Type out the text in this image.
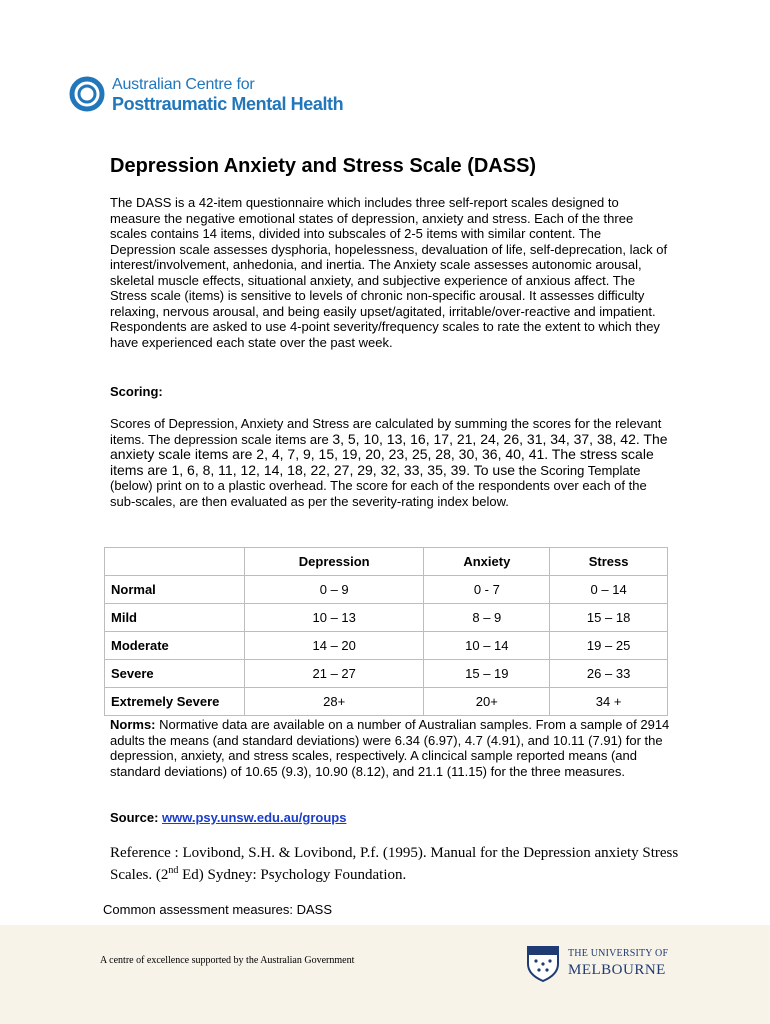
Australian Centre for
Posttraumatic Mental Health
Depression Anxiety and Stress Scale (DASS)
The DASS is a 42-item questionnaire which includes three self-report scales designed to measure the negative emotional states of depression, anxiety and stress. Each of the three scales contains 14 items, divided into subscales of 2-5 items with similar content. The Depression scale assesses dysphoria, hopelessness, devaluation of life, self-deprecation, lack of interest/involvement, anhedonia, and inertia. The Anxiety scale assesses autonomic arousal, skeletal muscle effects, situational anxiety, and subjective experience of anxious affect. The Stress scale (items) is sensitive to levels of chronic non-specific arousal. It assesses difficulty relaxing, nervous arousal, and being easily upset/agitated, irritable/over-reactive and impatient. Respondents are asked to use 4-point severity/frequency scales to rate the extent to which they have experienced each state over the past week.
Scoring:
Scores of Depression, Anxiety and Stress are calculated by summing the scores for the relevant items. The depression scale items are 3, 5, 10, 13, 16, 17, 21, 24, 26, 31, 34, 37, 38, 42. The anxiety scale items are 2, 4, 7, 9, 15, 19, 20, 23, 25, 28, 30, 36, 40, 41. The stress scale items are 1, 6, 8, 11, 12, 14, 18, 22, 27, 29, 32, 33, 35, 39. To use the Scoring Template (below) print on to a plastic overhead. The score for each of the respondents over each of the sub-scales, are then evaluated as per the severity-rating index below.
	Depression	Anxiety	Stress
Normal	0 – 9	0 - 7	0 – 14
Mild	10 – 13	8 – 9	15 – 18
Moderate	14 – 20	10 – 14	19 – 25
Severe	21 – 27	15 – 19	26 – 33
Extremely Severe	28+	20+	34 +
Norms: Normative data are available on a number of Australian samples. From a sample of 2914 adults the means (and standard deviations) were 6.34 (6.97), 4.7 (4.91), and 10.11 (7.91) for the depression, anxiety, and stress scales, respectively. A clincical sample reported means (and standard deviations) of 10.65 (9.3), 10.90 (8.12), and 21.1 (11.15) for the three measures.
Source: www.psy.unsw.edu.au/groups
Reference : Lovibond, S.H. & Lovibond, P.f. (1995). Manual for the Depression anxiety Stress Scales. (2nd Ed) Sydney: Psychology Foundation.
Common assessment measures: DASS
A centre of excellence supported by the Australian Government
THE UNIVERSITY OF
MELBOURNE
